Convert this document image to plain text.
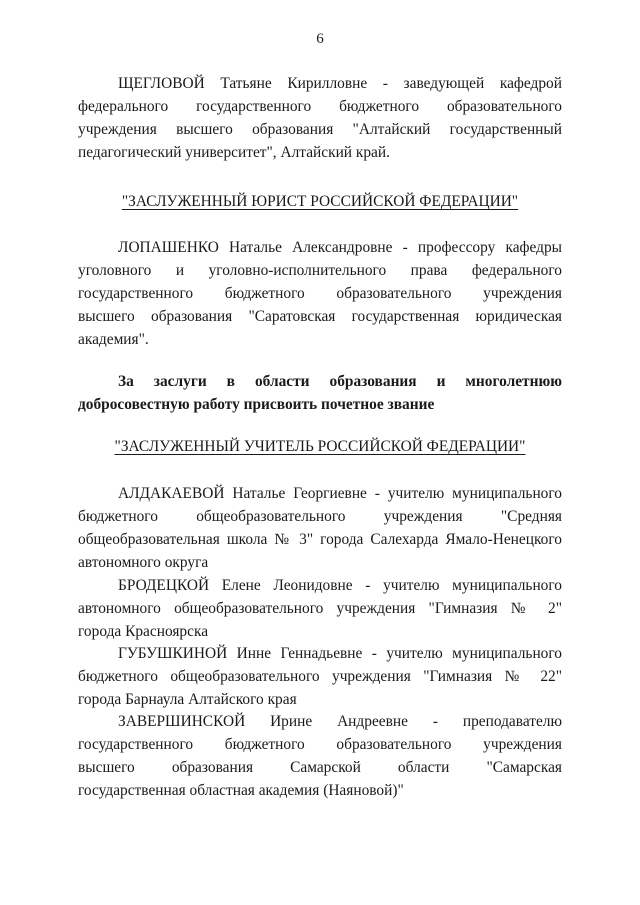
6
ЩЕГЛОВОЙ Татьяне Кирилловне - заведующей кафедрой
федерального государственного бюджетного образовательного
учреждения высшего образования "Алтайский государственный
педагогический университет", Алтайский край.
"ЗАСЛУЖЕННЫЙ ЮРИСТ РОССИЙСКОЙ ФЕДЕРАЦИИ"
ЛОПАШЕНКО Наталье Александровне - профессору кафедры
уголовного и уголовно-исполнительного права федерального
государственного бюджетного образовательного учреждения
высшего образования "Саратовская государственная юридическая
академия".
За заслуги в области образования и многолетнюю
добросовестную работу присвоить почетное звание
"ЗАСЛУЖЕННЫЙ УЧИТЕЛЬ РОССИЙСКОЙ ФЕДЕРАЦИИ"
АЛДАКАЕВОЙ Наталье Георгиевне - учителю муниципального
бюджетного общеобразовательного учреждения "Средняя
общеобразовательная школа № 3" города Салехарда Ямало-Ненецкого
автономного округа
БРОДЕЦКОЙ Елене Леонидовне - учителю муниципального
автономного общеобразовательного учреждения "Гимназия № 2"
города Красноярска
ГУБУШКИНОЙ Инне Геннадьевне - учителю муниципального
бюджетного общеобразовательного учреждения "Гимназия № 22"
города Барнаула Алтайского края
ЗАВЕРШИНСКОЙ Ирине Андреевне - преподавателю
государственного бюджетного образовательного учреждения
высшего образования Самарской области "Самарская
государственная областная академия (Наяновой)"
